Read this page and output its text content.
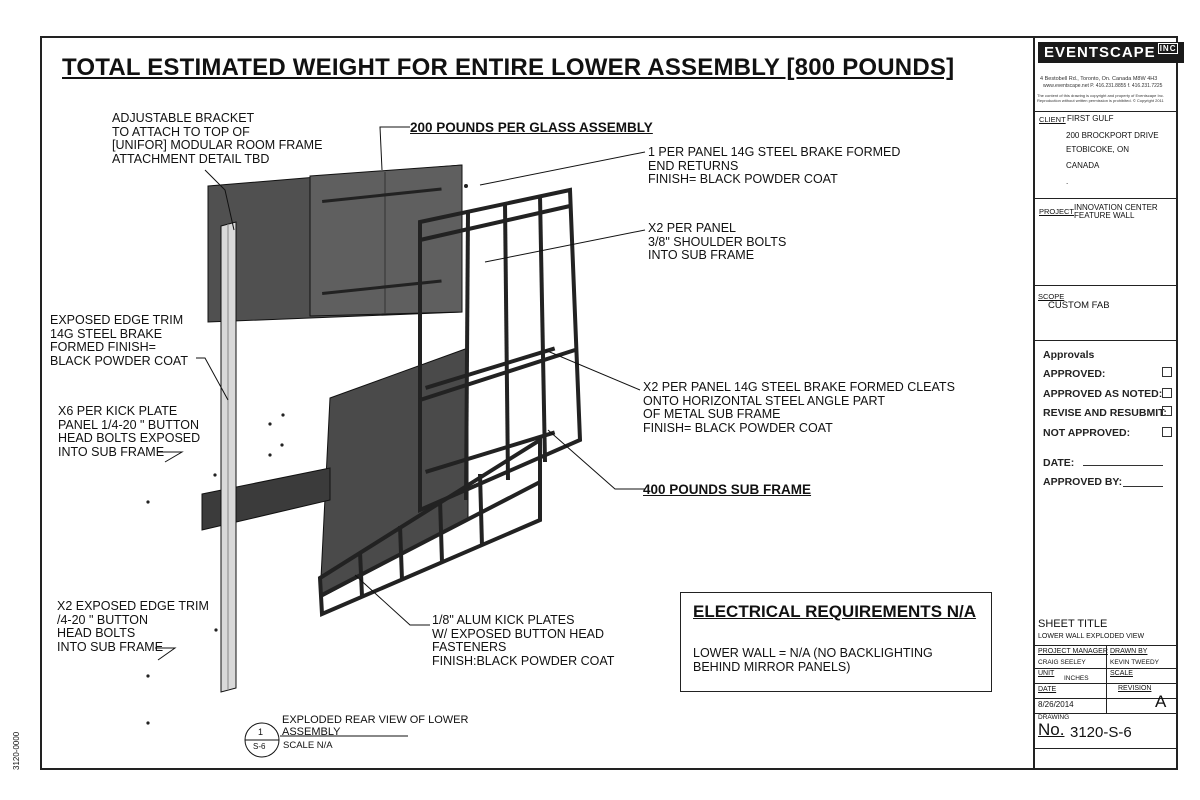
TOTAL ESTIMATED WEIGHT FOR ENTIRE LOWER ASSEMBLY [800 POUNDS]
ADJUSTABLE BRACKET
TO ATTACH TO TOP OF
[UNIFOR] MODULAR ROOM FRAME
ATTACHMENT DETAIL TBD
200 POUNDS PER GLASS ASSEMBLY
1 PER PANEL 14G STEEL BRAKE FORMED
END RETURNS
FINISH= BLACK POWDER COAT
X2 PER PANEL
3/8" SHOULDER BOLTS
INTO SUB FRAME
EXPOSED EDGE TRIM
14G STEEL BRAKE
FORMED FINISH=
BLACK POWDER COAT
X6 PER KICK PLATE
PANEL 1/4-20 " BUTTON
HEAD BOLTS EXPOSED
INTO SUB FRAME
X2 PER PANEL 14G STEEL BRAKE FORMED CLEATS
ONTO HORIZONTAL STEEL ANGLE PART
OF METAL SUB FRAME
FINISH= BLACK POWDER COAT
400 POUNDS SUB FRAME
X2 EXPOSED EDGE TRIM
/4-20 " BUTTON
HEAD BOLTS
INTO SUB FRAME
1/8" ALUM KICK PLATES
W/ EXPOSED BUTTON HEAD
FASTENERS
FINISH:BLACK POWDER COAT
ELECTRICAL REQUIREMENTS N/A
LOWER WALL = N/A (NO BACKLIGHTING
BEHIND MIRROR PANELS)
1
S-6
EXPLODED REAR VIEW OF LOWER
ASSEMBLY
SCALE N/A
3120-0000
EVENTSCAPE $^{INC}$
4 Bestobell Rd., Toronto, On. Canada M8W 4H3
www.eventscape.net P. 416.231.8855 f. 416.231.7225
The content of this drawing is copyright and property of Eventscape Inc.
Reproduction without written permission is prohibited. © Copyright 2011
CLIENT FIRST GULF
200 BROCKPORT DRIVE
ETOBICOKE, ON
CANADA
.
PROJECT INNOVATION CENTER
FEATURE WALL
SCOPE
CUSTOM FAB
Approvals
APPROVED:
APPROVED AS NOTED:
REVISE AND RESUBMIT:
NOT APPROVED:
DATE:
APPROVED BY:
SHEET TITLE
LOWER WALL EXPLODED VIEW
PROJECT MANAGER
CRAIG SEELEY
DRAWN BY
KEVIN TWEEDY
UNIT
INCHES
SCALE
DATE
8/26/2014
REVISION
A
DRAWING
No. 3120-S-6
